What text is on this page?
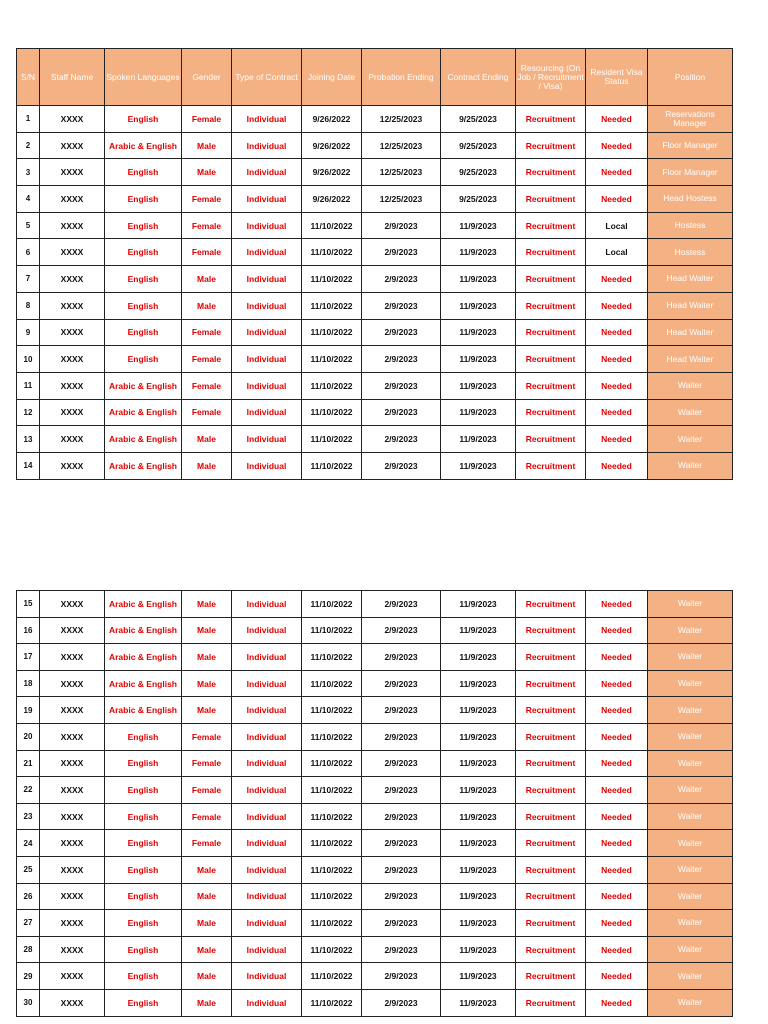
S/N	Staff Name	Spoken Languages	Gender	Type of Contract	Joining Date	Probation Ending	Contract Ending	Resourcing (On Job / Recruitment / Visa)	Resident Visa Status	Position
1	XXXX	English	Female	Individual	9/26/2022	12/25/2023	9/25/2023	Recruitment	Needed	Reservations Manager
2	XXXX	Arabic & English	Male	Individual	9/26/2022	12/25/2023	9/25/2023	Recruitment	Needed	Floor Manager
3	XXXX	English	Male	Individual	9/26/2022	12/25/2023	9/25/2023	Recruitment	Needed	Floor Manager
4	XXXX	English	Female	Individual	9/26/2022	12/25/2023	9/25/2023	Recruitment	Needed	Head Hostess
5	XXXX	English	Female	Individual	11/10/2022	2/9/2023	11/9/2023	Recruitment	Local	Hostess
6	XXXX	English	Female	Individual	11/10/2022	2/9/2023	11/9/2023	Recruitment	Local	Hostess
7	XXXX	English	Male	Individual	11/10/2022	2/9/2023	11/9/2023	Recruitment	Needed	Head Waiter
8	XXXX	English	Male	Individual	11/10/2022	2/9/2023	11/9/2023	Recruitment	Needed	Head Waiter
9	XXXX	English	Female	Individual	11/10/2022	2/9/2023	11/9/2023	Recruitment	Needed	Head Waiter
10	XXXX	English	Female	Individual	11/10/2022	2/9/2023	11/9/2023	Recruitment	Needed	Head Waiter
11	XXXX	Arabic & English	Female	Individual	11/10/2022	2/9/2023	11/9/2023	Recruitment	Needed	Waiter
12	XXXX	Arabic & English	Female	Individual	11/10/2022	2/9/2023	11/9/2023	Recruitment	Needed	Waiter
13	XXXX	Arabic & English	Male	Individual	11/10/2022	2/9/2023	11/9/2023	Recruitment	Needed	Waiter
14	XXXX	Arabic & English	Male	Individual	11/10/2022	2/9/2023	11/9/2023	Recruitment	Needed	Waiter
15	XXXX	Arabic & English	Male	Individual	11/10/2022	2/9/2023	11/9/2023	Recruitment	Needed	Waiter
16	XXXX	Arabic & English	Male	Individual	11/10/2022	2/9/2023	11/9/2023	Recruitment	Needed	Waiter
17	XXXX	Arabic & English	Male	Individual	11/10/2022	2/9/2023	11/9/2023	Recruitment	Needed	Waiter
18	XXXX	Arabic & English	Male	Individual	11/10/2022	2/9/2023	11/9/2023	Recruitment	Needed	Waiter
19	XXXX	Arabic & English	Male	Individual	11/10/2022	2/9/2023	11/9/2023	Recruitment	Needed	Waiter
20	XXXX	English	Female	Individual	11/10/2022	2/9/2023	11/9/2023	Recruitment	Needed	Waiter
21	XXXX	English	Female	Individual	11/10/2022	2/9/2023	11/9/2023	Recruitment	Needed	Waiter
22	XXXX	English	Female	Individual	11/10/2022	2/9/2023	11/9/2023	Recruitment	Needed	Waiter
23	XXXX	English	Female	Individual	11/10/2022	2/9/2023	11/9/2023	Recruitment	Needed	Waiter
24	XXXX	English	Female	Individual	11/10/2022	2/9/2023	11/9/2023	Recruitment	Needed	Waiter
25	XXXX	English	Male	Individual	11/10/2022	2/9/2023	11/9/2023	Recruitment	Needed	Waiter
26	XXXX	English	Male	Individual	11/10/2022	2/9/2023	11/9/2023	Recruitment	Needed	Waiter
27	XXXX	English	Male	Individual	11/10/2022	2/9/2023	11/9/2023	Recruitment	Needed	Waiter
28	XXXX	English	Male	Individual	11/10/2022	2/9/2023	11/9/2023	Recruitment	Needed	Waiter
29	XXXX	English	Male	Individual	11/10/2022	2/9/2023	11/9/2023	Recruitment	Needed	Waiter
30	XXXX	English	Male	Individual	11/10/2022	2/9/2023	11/9/2023	Recruitment	Needed	Waiter
